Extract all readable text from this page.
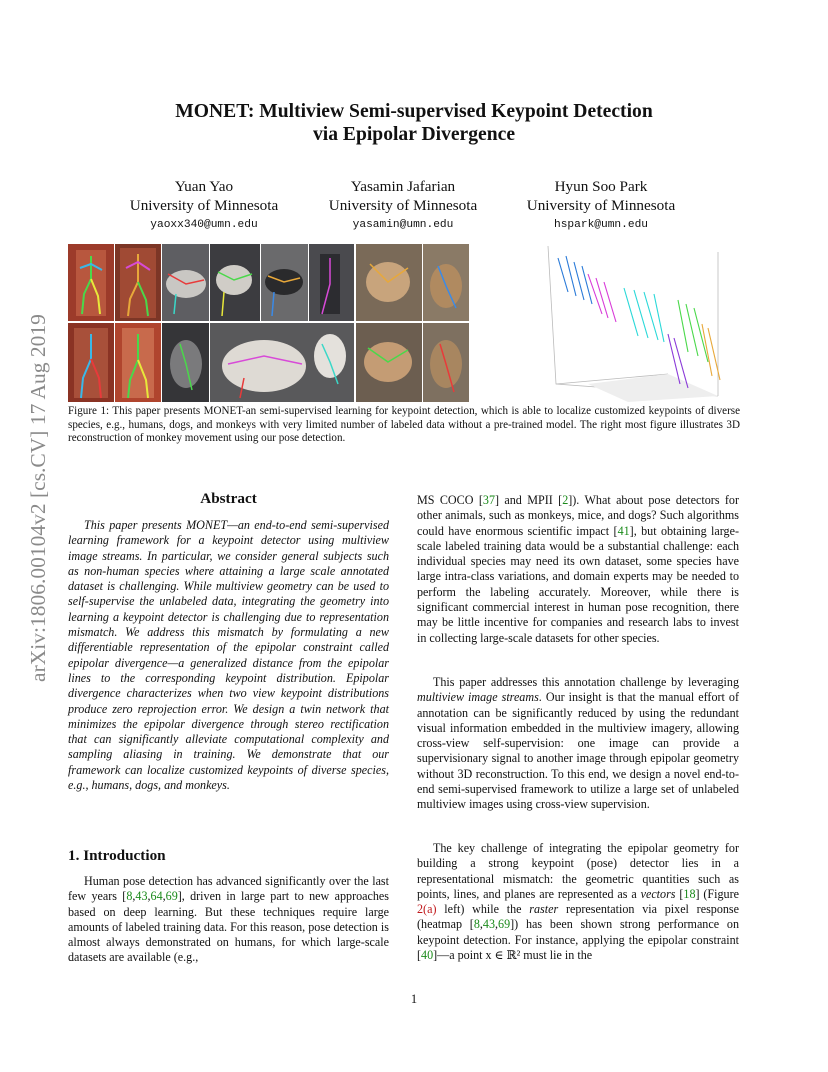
arXiv:1806.00104v2 [cs.CV] 17 Aug 2019
MONET: Multiview Semi-supervised Keypoint Detection
via Epipolar Divergence
Yuan Yao
University of Minnesota
yaoxx340@umn.edu
Yasamin Jafarian
University of Minnesota
yasamin@umn.edu
Hyun Soo Park
University of Minnesota
hspark@umn.edu
Figure 1: This paper presents MONET-an semi-supervised learning for keypoint detection, which is able to localize customized keypoints of diverse species, e.g., humans, dogs, and monkeys with very limited number of labeled data without a pre-trained model. The right most figure illustrates 3D reconstruction of monkey movement using our pose detection.
Abstract

This paper presents MONET—an end-to-end semi-supervised learning framework for a keypoint detector using multiview image streams. In particular, we consider general subjects such as non-human species where attaining a large scale annotated dataset is challenging. While multiview geometry can be used to self-supervise the unlabeled data, integrating the geometry into learning a keypoint detector is challenging due to representation mismatch. We address this mismatch by formulating a new differentiable representation of the epipolar constraint called epipolar divergence—a generalized distance from the epipolar lines to the corresponding keypoint distribution. Epipolar divergence characterizes when two view keypoint distributions produce zero reprojection error. We design a twin network that minimizes the epipolar divergence through stereo rectification that can significantly alleviate computational complexity and sampling aliasing in training. We demonstrate that our framework can localize customized keypoints of diverse species, e.g., humans, dogs, and monkeys.

1. Introduction

Human pose detection has advanced significantly over the last few years [8,43,64,69], driven in large part to new approaches based on deep learning. But these techniques require large amounts of labeled training data. For this reason, pose detection is almost always demonstrated on humans, for which large-scale datasets are available (e.g.,

MS COCO [37] and MPII [2]). What about pose detectors for other animals, such as monkeys, mice, and dogs? Such algorithms could have enormous scientific impact [41], but obtaining large-scale labeled training data would be a substantial challenge: each individual species may need its own dataset, some species have large intra-class variations, and domain experts may be needed to perform the labeling accurately. Moreover, while there is significant commercial interest in human pose recognition, there may be little incentive for companies and research labs to invest in collecting large-scale datasets for other species.

This paper addresses this annotation challenge by leveraging multiview image streams. Our insight is that the manual effort of annotation can be significantly reduced by using the redundant visual information embedded in the multiview imagery, allowing cross-view self-supervision: one image can provide a supervisionary signal to another image through epipolar geometry without 3D reconstruction. To this end, we design a novel end-to-end semi-supervised framework to utilize a large set of unlabeled multiview images using cross-view supervision.

The key challenge of integrating the epipolar geometry for building a strong keypoint (pose) detector lies in a representational mismatch: the geometric quantities such as points, lines, and planes are represented as a vectors [18] (Figure 2(a) left) while the raster representation via pixel response (heatmap [8,43,69]) has been shown strong performance on keypoint detection. For instance, applying the epipolar constraint [40]—a point x ∈ ℝ² must lie in the

1
